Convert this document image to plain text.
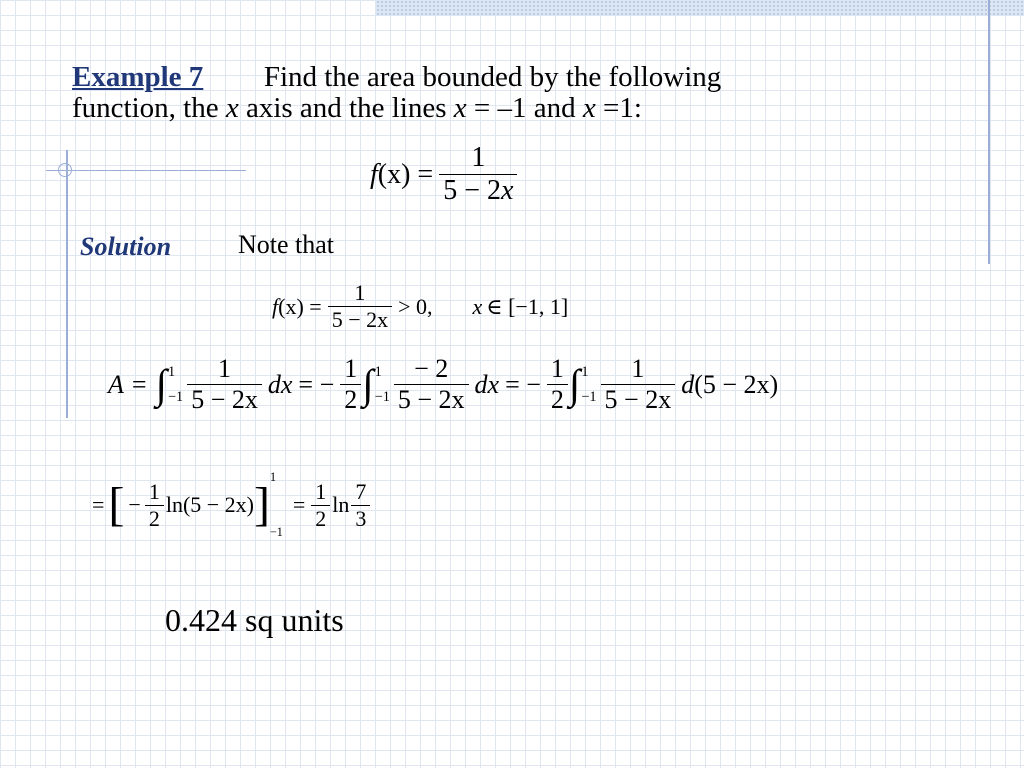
Example 7 Find the area bounded by the following
function, the x axis and the lines x = –1 and x =1:
f $(x) = \frac{1}{5 - 2x}$
Solution	Note that
f $(x) = \frac{1}{5 - 2x} > 0$, x ∈ [−1, 1]
A = ∫ 1
$-1 \frac{1}{5 - 2x}$ dx = − $\frac{1}{2}$ ∫ 1
$-1 \frac{- 2}{5 - 2x}$ dx = − $\frac{1}{2}$ ∫ 1
$-1 \frac{1}{5 - 2x}$ d (5 − 2x)
= [ − $\frac{1}{2} \ln(5 - 2x)$ ]
1
−1
= $\frac{1}{2}$ $\ln \frac{7}{3}$
0.424 sq units
